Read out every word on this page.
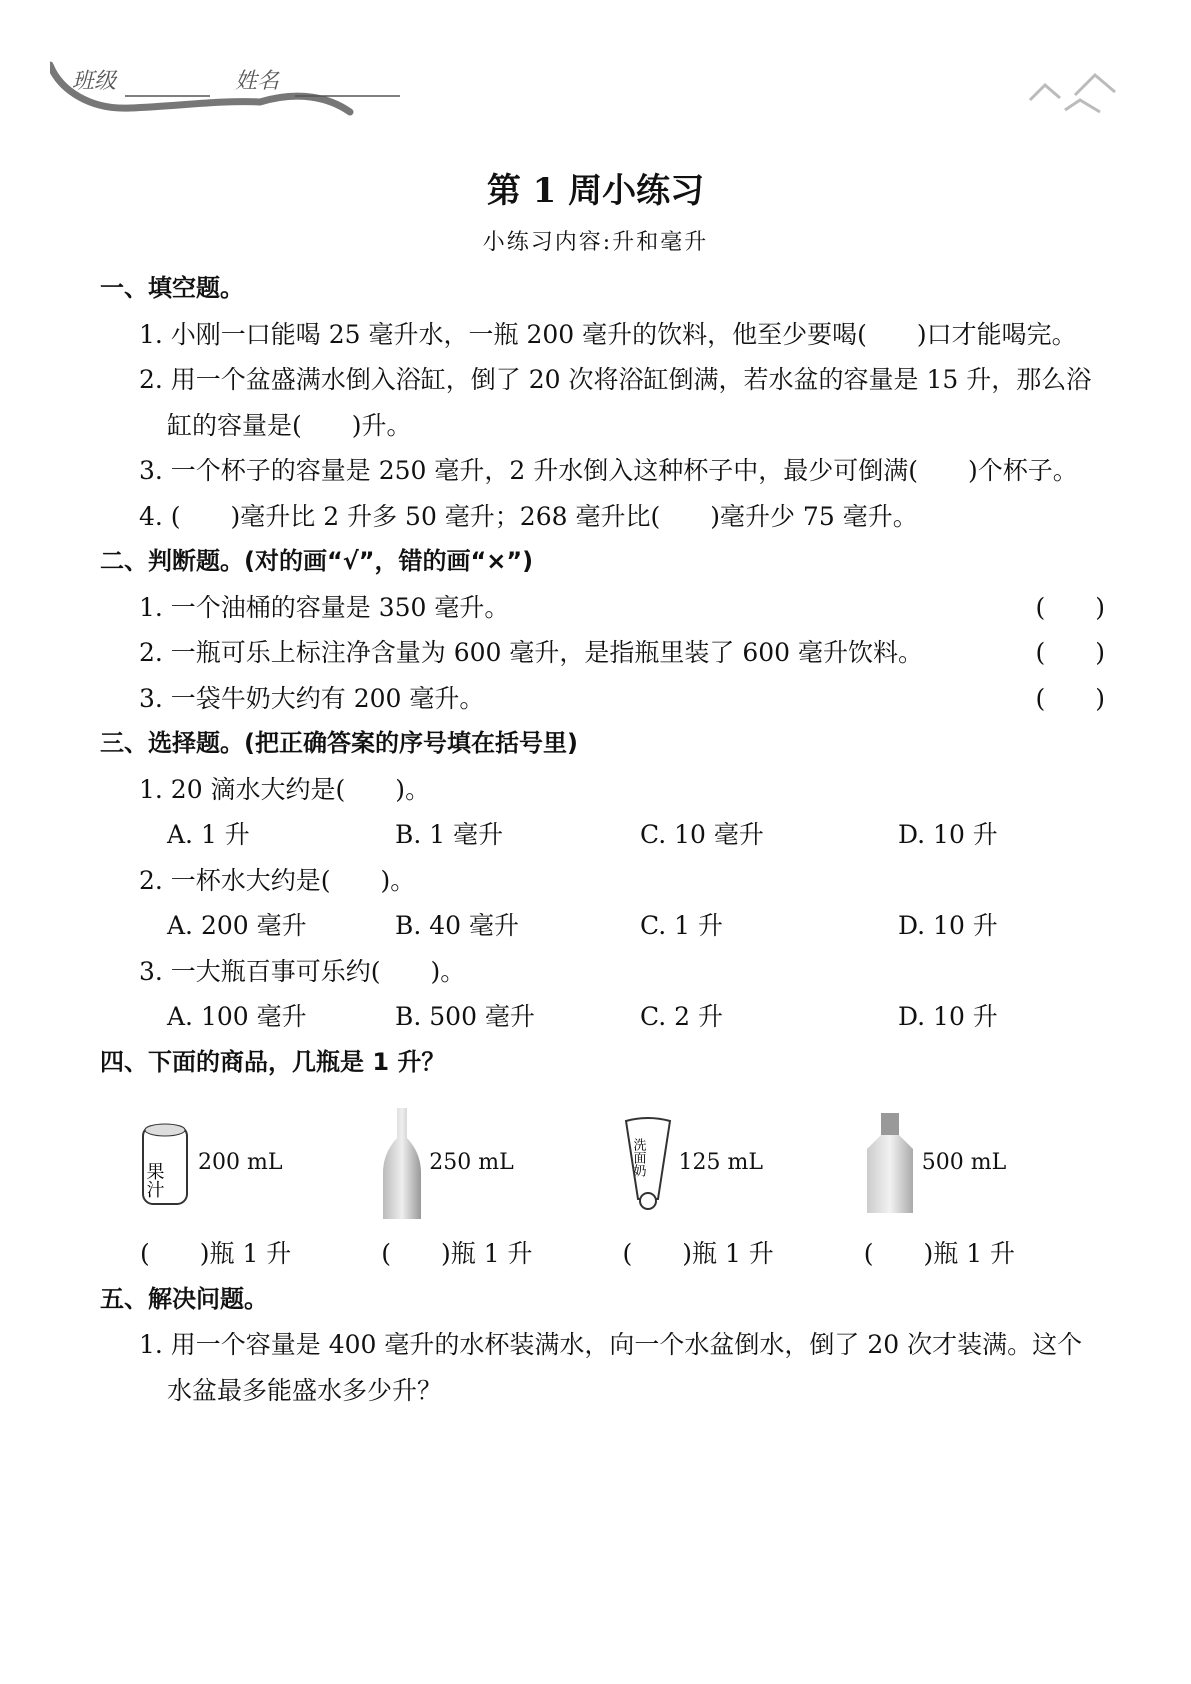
班级	姓名
第 1 周小练习
小练习内容:升和毫升
一、填空题。
1. 小刚一口能喝 25 毫升水，一瓶 200 毫升的饮料，他至少要喝(　　)口才能喝完。
2. 用一个盆盛满水倒入浴缸，倒了 20 次将浴缸倒满，若水盆的容量是 15 升，那么浴缸的容量是(　　)升。
3. 一个杯子的容量是 250 毫升，2 升水倒入这种杯子中，最少可倒满(　　)个杯子。
4. (　　)毫升比 2 升多 50 毫升；268 毫升比(　　)毫升少 75 毫升。
二、判断题。(对的画“√”，错的画“×”)
1. 一个油桶的容量是 350 毫升。	(　　)
2. 一瓶可乐上标注净含量为 600 毫升，是指瓶里装了 600 毫升饮料。	(　　)
3. 一袋牛奶大约有 200 毫升。	(　　)
三、选择题。(把正确答案的序号填在括号里)
1. 20 滴水大约是(　　)。
A. 1 升	B. 1 毫升	C. 10 毫升	D. 10 升
2. 一杯水大约是(　　)。
A. 200 毫升	B. 40 毫升	C. 1 升	D. 10 升
3. 一大瓶百事可乐约(　　)。
A. 100 毫升	B. 500 毫升	C. 2 升	D. 10 升
四、下面的商品，几瓶是 1 升？
果汁 200 mL	250 mL	洗面奶 125 mL	500 mL
(　　)瓶 1 升	(　　)瓶 1 升	(　　)瓶 1 升	(　　)瓶 1 升
五、解决问题。
1. 用一个容量是 400 毫升的水杯装满水，向一个水盆倒水，倒了 20 次才装满。这个水盆最多能盛水多少升？
